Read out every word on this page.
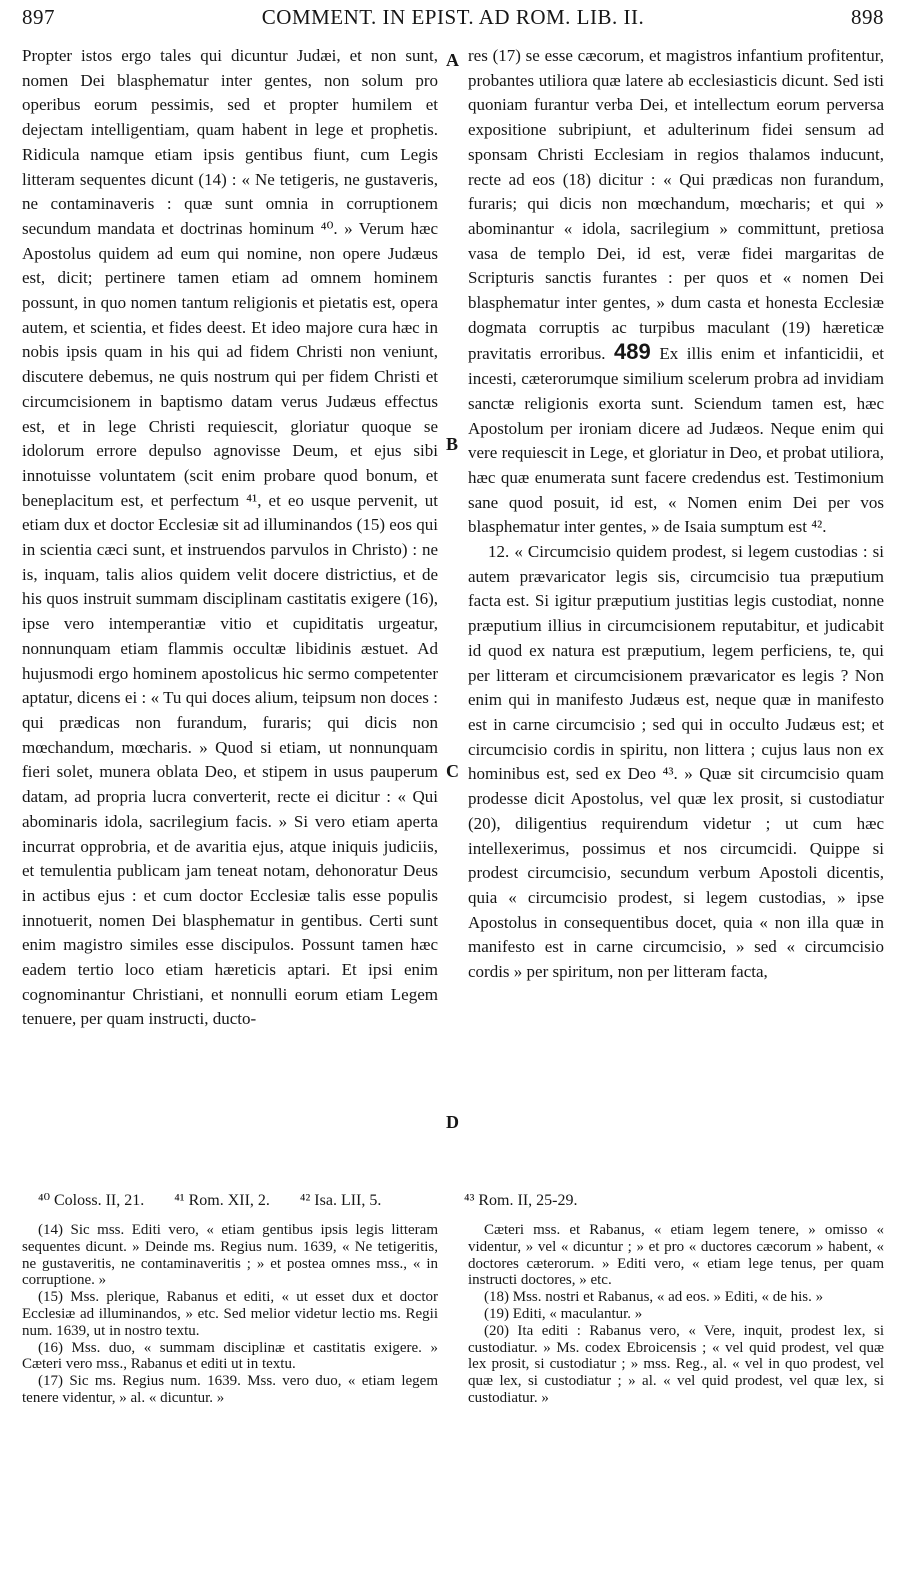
897	COMMENT. IN EPIST. AD ROM. LIB. II.	898

Propter istos ergo tales qui dicuntur Judæi, et non sunt, nomen Dei blasphematur inter gentes, non solum pro operibus eorum pessimis, sed et propter humilem et dejectam intelligentiam, quam habent in lege et prophetis. Ridicula namque etiam ipsis gentibus fiunt, cum Legis litteram sequentes dicunt (14) : « Ne tetigeris, ne gustaveris, ne contaminaveris : quæ sunt omnia in corruptionem secundum mandata et doctrinas hominum ⁴⁰. » Verum hæc Apostolus quidem ad eum qui nomine, non opere Judæus est, dicit; pertinere tamen etiam ad omnem hominem possunt, in quo nomen tantum religionis et pietatis est, opera autem, et scientia, et fides deest. Et ideo majore cura hæc in nobis ipsis quam in his qui ad fidem Christi non veniunt, discutere debemus, ne quis nostrum qui per fidem Christi et circumcisionem in baptismo datam verus Judæus effectus est, et in lege Christi requiescit, gloriatur quoque se idolorum errore depulso agnovisse Deum, et ejus sibi innotuisse voluntatem (scit enim probare quod bonum, et beneplacitum est, et perfectum ⁴¹, et eo usque pervenit, ut etiam dux et doctor Ecclesiæ sit ad illuminandos (15) eos qui in scientia cæci sunt, et instruendos parvulos in Christo) : ne is, inquam, talis alios quidem velit docere districtius, et de his quos instruit summam disciplinam castitatis exigere (16), ipse vero intemperantiæ vitio et cupiditatis urgeatur, nonnunquam etiam flammis occultæ libidinis æstuet. Ad hujusmodi ergo hominem apostolicus hic sermo competenter aptatur, dicens ei : « Tu qui doces alium, teipsum non doces : qui prædicas non furandum, furaris; qui dicis non mœchandum, mœcharis. » Quod si etiam, ut nonnunquam fieri solet, munera oblata Deo, et stipem in usus pauperum datam, ad propria lucra converterit, recte ei dicitur : « Qui abominaris idola, sacrilegium facis. » Si vero etiam aperta incurrat opprobria, et de avaritia ejus, atque iniquis judiciis, et temulentia publicam jam teneat notam, dehonoratur Deus in actibus ejus : et cum doctor Ecclesiæ talis esse populis innotuerit, nomen Dei blasphematur in gentibus. Certi sunt enim magistro similes esse discipulos. Possunt tamen hæc eadem tertio loco etiam hæreticis aptari. Et ipsi enim cognominantur Christiani, et nonnulli eorum etiam Legem tenuere, per quam instructi, ducto-

A
B
C
D

res (17) se esse cæcorum, et magistros infantium profitentur, probantes utiliora quæ latere ab ecclesiasticis dicunt. Sed isti quoniam furantur verba Dei, et intellectum eorum perversa expositione subripiunt, et adulterinum fidei sensum ad sponsam Christi Ecclesiam in regios thalamos inducunt, recte ad eos (18) dicitur : « Qui prædicas non furandum, furaris; qui dicis non mœchandum, mœcharis; et qui » abominantur « idola, sacrilegium » committunt, pretiosa vasa de templo Dei, id est, veræ fidei margaritas de Scripturis sanctis furantes : per quos et « nomen Dei blasphematur inter gentes, » dum casta et honesta Ecclesiæ dogmata corruptis ac turpibus maculant (19) hæreticæ pravitatis erroribus. 489 Ex illis enim et infanticidii, et incesti, cæterorumque similium scelerum probra ad invidiam sanctæ religionis exorta sunt. Sciendum tamen est, hæc Apostolum per ironiam dicere ad Judæos. Neque enim qui vere requiescit in Lege, et gloriatur in Deo, et probat utiliora, hæc quæ enumerata sunt facere credendus est. Testimonium sane quod posuit, id est, « Nomen enim Dei per vos blasphematur inter gentes, » de Isaia sumptum est ⁴².

12. « Circumcisio quidem prodest, si legem custodias : si autem prævaricator legis sis, circumcisio tua præputium facta est. Si igitur præputium justitias legis custodiat, nonne præputium illius in circumcisionem reputabitur, et judicabit id quod ex natura est præputium, legem perficiens, te, qui per litteram et circumcisionem prævaricator es legis ? Non enim qui in manifesto Judæus est, neque quæ in manifesto est in carne circumcisio ; sed qui in occulto Judæus est; et circumcisio cordis in spiritu, non littera ; cujus laus non ex hominibus est, sed ex Deo ⁴³. » Quæ sit circumcisio quam prodesse dicit Apostolus, vel quæ lex prosit, si custodiatur (20), diligentius requirendum videtur ; ut cum hæc intellexerimus, possimus et nos circumcidi. Quippe si prodest circumcisio, secundum verbum Apostoli dicentis, quia « circumcisio prodest, si legem custodias, » ipse Apostolus in consequentibus docet, quia « non illa quæ in manifesto est in carne circumcisio, » sed « circumcisio cordis » per spiritum, non per litteram facta,

⁴⁰ Coloss. II, 21. ⁴¹ Rom. XII, 2. ⁴² Isa. LII, 5.	⁴³ Rom. II, 25-29.

(14) Sic mss. Editi vero, « etiam gentibus ipsis legis litteram sequentes dicunt. » Deinde ms. Regius num. 1639, « Ne tetigeritis, ne gustaveritis, ne contaminaveritis ; » et postea omnes mss., « in corruptione. »

(15) Mss. plerique, Rabanus et editi, « ut esset dux et doctor Ecclesiæ ad illuminandos, » etc. Sed melior videtur lectio ms. Regii num. 1639, ut in nostro textu.

(16) Mss. duo, « summam disciplinæ et castitatis exigere. » Cæteri vero mss., Rabanus et editi ut in textu.

(17) Sic ms. Regius num. 1639. Mss. vero duo, « etiam legem tenere videntur, » al. « dicuntur. »

Cæteri mss. et Rabanus, « etiam legem tenere, » omisso « videntur, » vel « dicuntur ; » et pro « ductores cæcorum » habent, « doctores cæterorum. » Editi vero, « etiam lege tenus, per quam instructi doctores, » etc.

(18) Mss. nostri et Rabanus, « ad eos. » Editi, « de his. »

(19) Editi, « maculantur. »

(20) Ita editi : Rabanus vero, « Vere, inquit, prodest lex, si custodiatur. » Ms. codex Ebroicensis ; « vel quid prodest, vel quæ lex prosit, si custodiatur ; » mss. Reg., al. « vel in quo prodest, vel quæ lex, si custodiatur ; » al. « vel quid prodest, vel quæ lex, si custodiatur. »
